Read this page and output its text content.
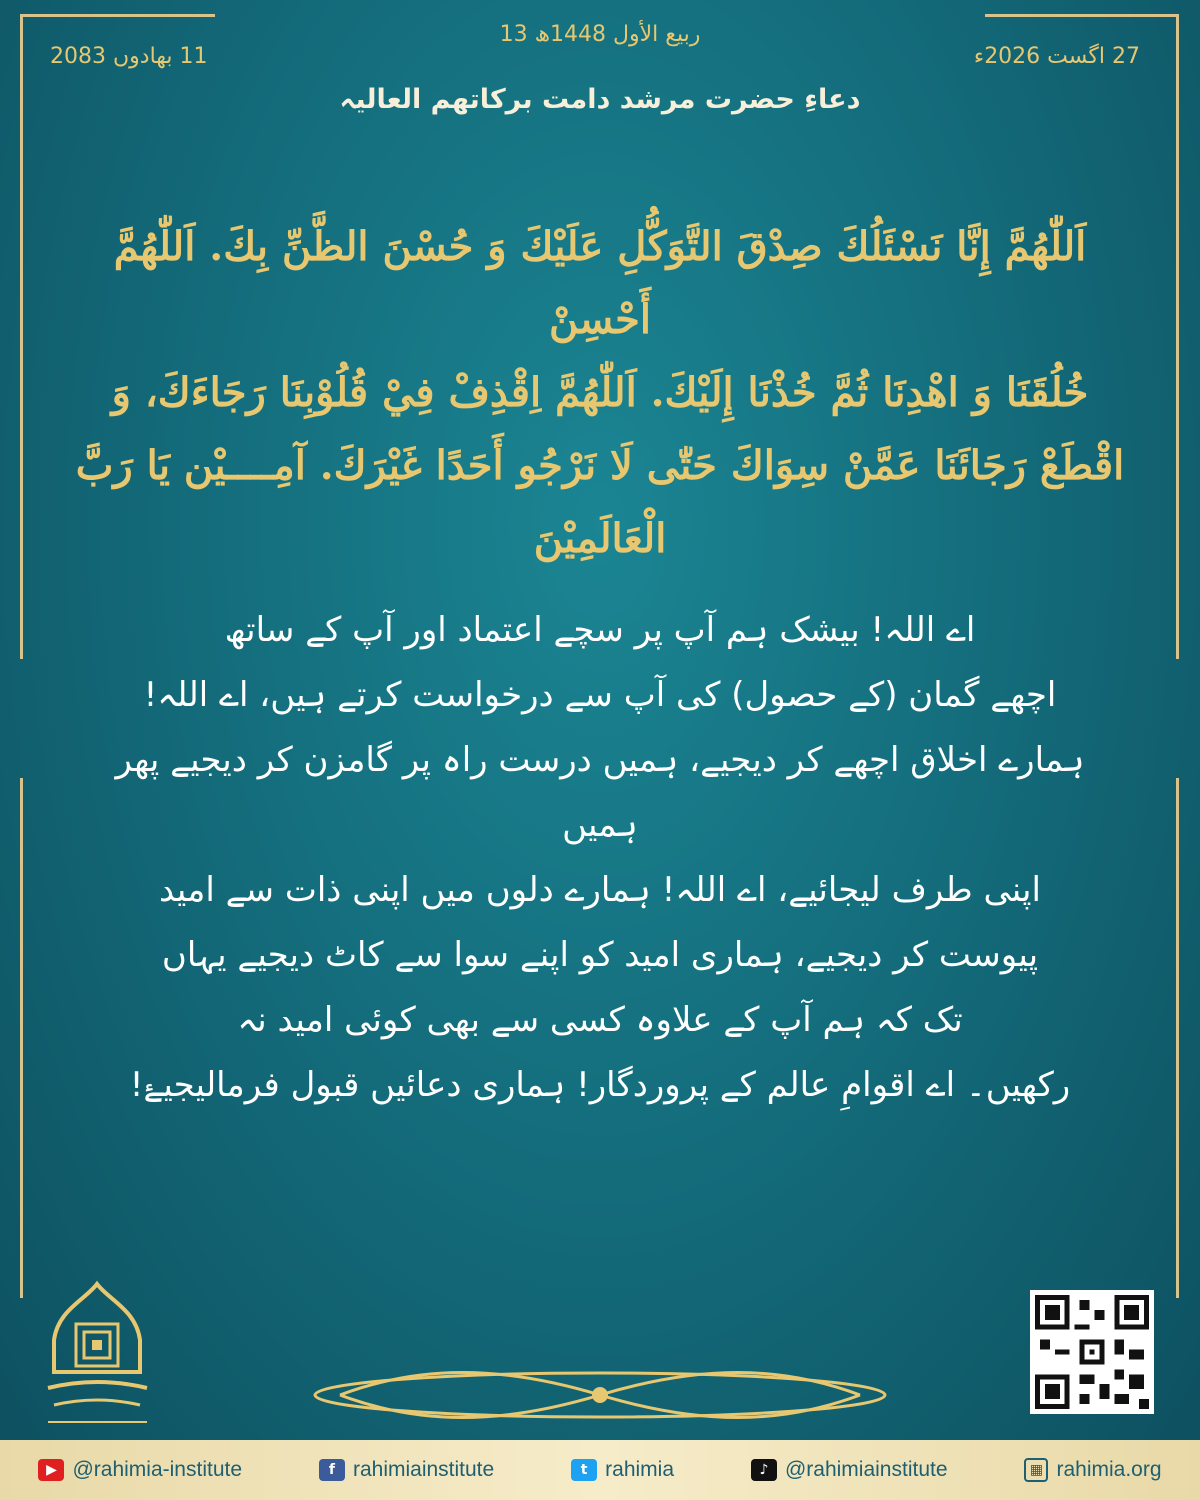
13 ربیع الأول 1448ھ
27 اگست 2026ء
11 بھادوں 2083
دعاءِ حضرت مرشد دامت برکاتھم العالیہ
اَللّٰهُمَّ إِنَّا نَسْئَلُكَ صِدْقَ التَّوَكُّلِ عَلَيْكَ وَ حُسْنَ الظَّنِّ بِكَ. اَللّٰهُمَّ أَحْسِنْ
خُلُقَنَا وَ اهْدِنَا ثُمَّ خُذْنَا إِلَيْكَ. اَللّٰهُمَّ اِقْذِفْ فِيْ قُلُوْبِنَا رَجَاءَكَ، وَ
اقْطَعْ رَجَائَنَا عَمَّنْ سِوَاكَ حَتّٰى لَا نَرْجُو أَحَدًا غَيْرَكَ. آمِــــيْن يَا رَبَّ
الْعَالَمِيْنَ
اے اللہ! بیشک ہم آپ پر سچے اعتماد اور آپ کے ساتھ
اچھے گمان (کے حصول) کی آپ سے درخواست کرتے ہیں، اے اللہ!
ہمارے اخلاق اچھے کر دیجیے، ہمیں درست راہ پر گامزن کر دیجیے پھر ہمیں
اپنی طرف لیجائیے، اے اللہ! ہمارے دلوں میں اپنی ذات سے امید
پیوست کر دیجیے، ہماری امید کو اپنے سوا سے کاٹ دیجیے یہاں
تک کہ ہم آپ کے علاوہ کسی سے بھی کوئی امید نہ
رکھیں۔ اے اقوامِ عالم کے پروردگار! ہماری دعائیں قبول فرمالیجیۓ!
▶ @rahimia-institute	f rahimiainstitute	t rahimia	♪ @rahimiainstitute	▦ rahimia.org
